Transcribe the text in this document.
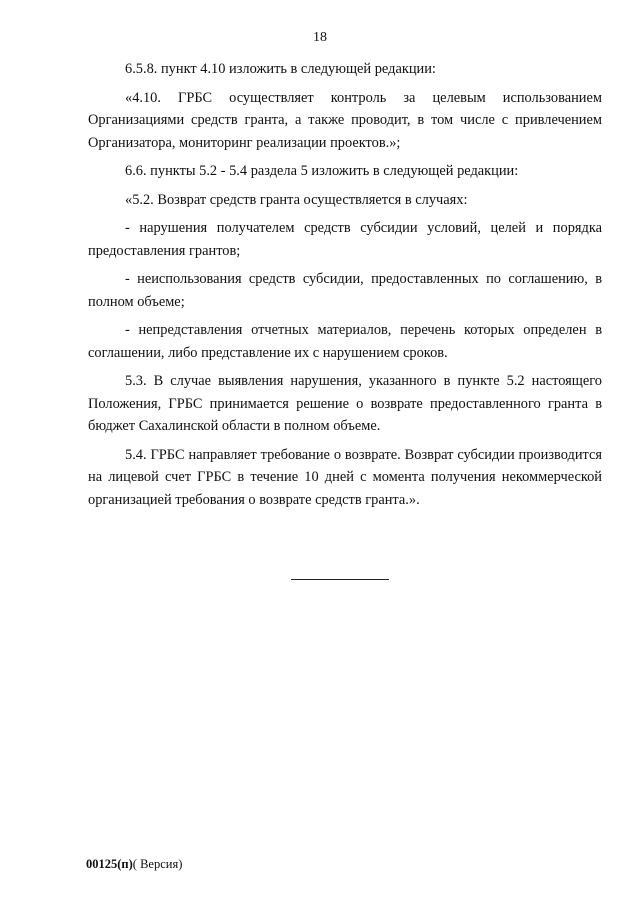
18

6.5.8. пункт 4.10 изложить в следующей редакции:

«4.10. ГРБС осуществляет контроль за целевым использованием Организациями средств гранта, а также проводит, в том числе с привлечением Организатора, мониторинг реализации проектов.»;

6.6. пункты 5.2 - 5.4 раздела 5 изложить в следующей редакции:

«5.2. Возврат средств гранта осуществляется в случаях:

- нарушения получателем средств субсидии условий, целей и порядка предоставления грантов;

- неиспользования средств субсидии, предоставленных по соглашению, в полном объеме;

- непредставления отчетных материалов, перечень которых определен в соглашении, либо представление их с нарушением сроков.

5.3. В случае выявления нарушения, указанного в пункте 5.2 настоящего Положения, ГРБС принимается решение о возврате предоставленного гранта в бюджет Сахалинской области в полном объеме.

5.4. ГРБС направляет требование о возврате. Возврат субсидии производится на лицевой счет ГРБС в течение 10 дней с момента получения некоммерческой организацией требования о возврате средств гранта.».

00125(п)( Версия)
